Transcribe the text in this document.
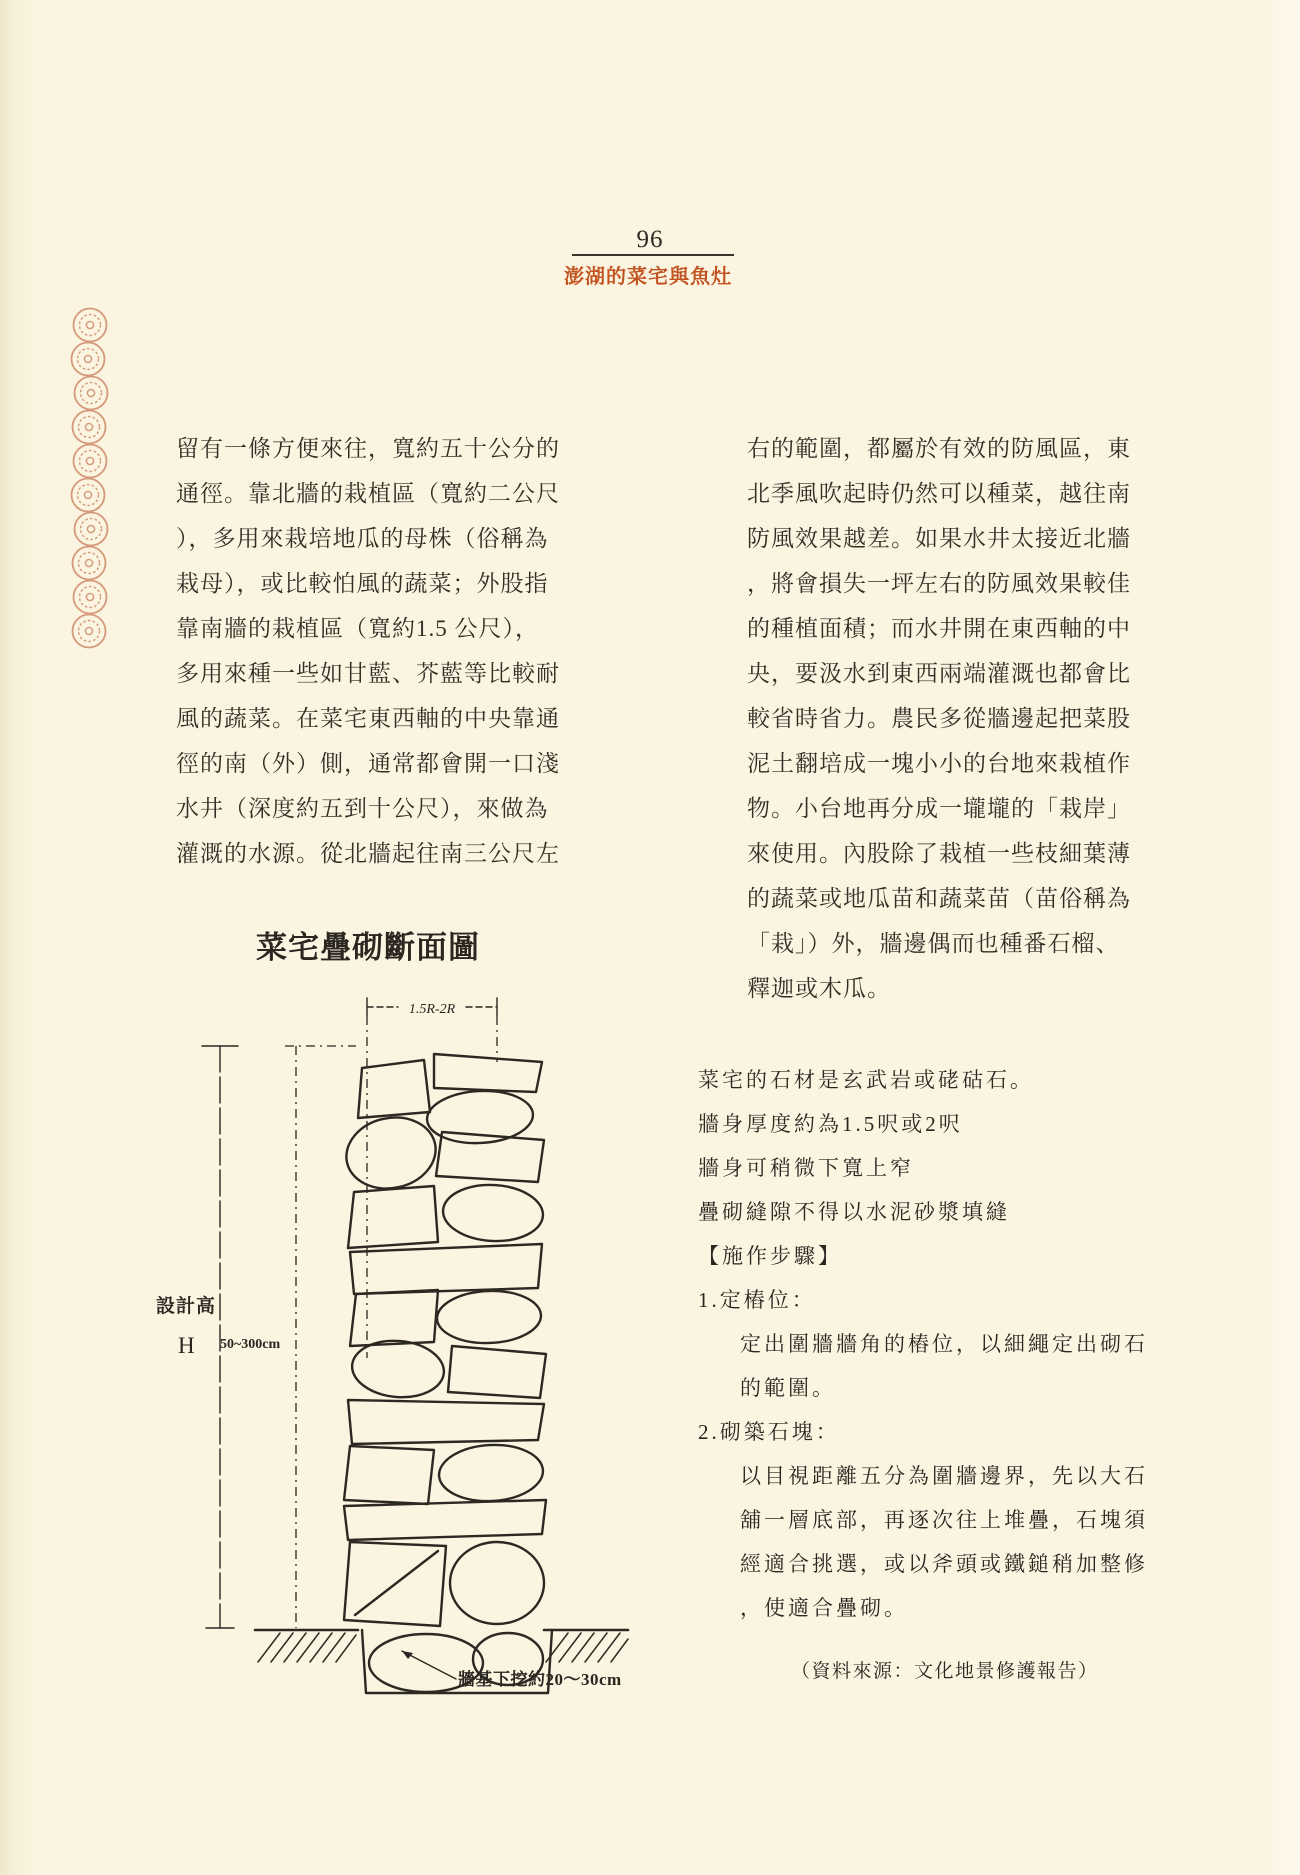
96
澎湖的菜宅與魚灶
留有一條方便來往，寬約五十公分的
通徑。靠北牆的栽植區（寬約二公尺
），多用來栽培地瓜的母株（俗稱為
栽母），或比較怕風的蔬菜；外股指
靠南牆的栽植區（寬約1.5 公尺），
多用來種一些如甘藍、芥藍等比較耐
風的蔬菜。在菜宅東西軸的中央靠通
徑的南（外）側，通常都會開一口淺
水井（深度約五到十公尺），來做為
灌溉的水源。從北牆起往南三公尺左
右的範圍，都屬於有效的防風區，東
北季風吹起時仍然可以種菜，越往南
防風效果越差。如果水井太接近北牆
，將會損失一坪左右的防風效果較佳
的種植面積；而水井開在東西軸的中
央，要汲水到東西兩端灌溉也都會比
較省時省力。農民多從牆邊起把菜股
泥土翻培成一塊小小的台地來栽植作
物。小台地再分成一壠壠的「栽岸」
來使用。內股除了栽植一些枝細葉薄
的蔬菜或地瓜苗和蔬菜苗（苗俗稱為
「栽」）外，牆邊偶而也種番石榴、
釋迦或木瓜。
菜宅疊砌斷面圖
1.5R-2R
設計高
H 50~300cm
牆基下挖約20～30cm
菜宅的石材是玄武岩或硓𥑮石。
牆身厚度約為1.5呎或2呎
牆身可稍微下寬上窄
疊砌縫隙不得以水泥砂漿填縫
【施作步驟】
1.定樁位：
定出圍牆牆角的樁位，以細繩定出砌石
的範圍。
2.砌築石塊：
以目視距離五分為圍牆邊界，先以大石
舖一層底部，再逐次往上堆疊，石塊須
經適合挑選，或以斧頭或鐵鎚稍加整修
，使適合疊砌。
（資料來源：文化地景修護報告）
